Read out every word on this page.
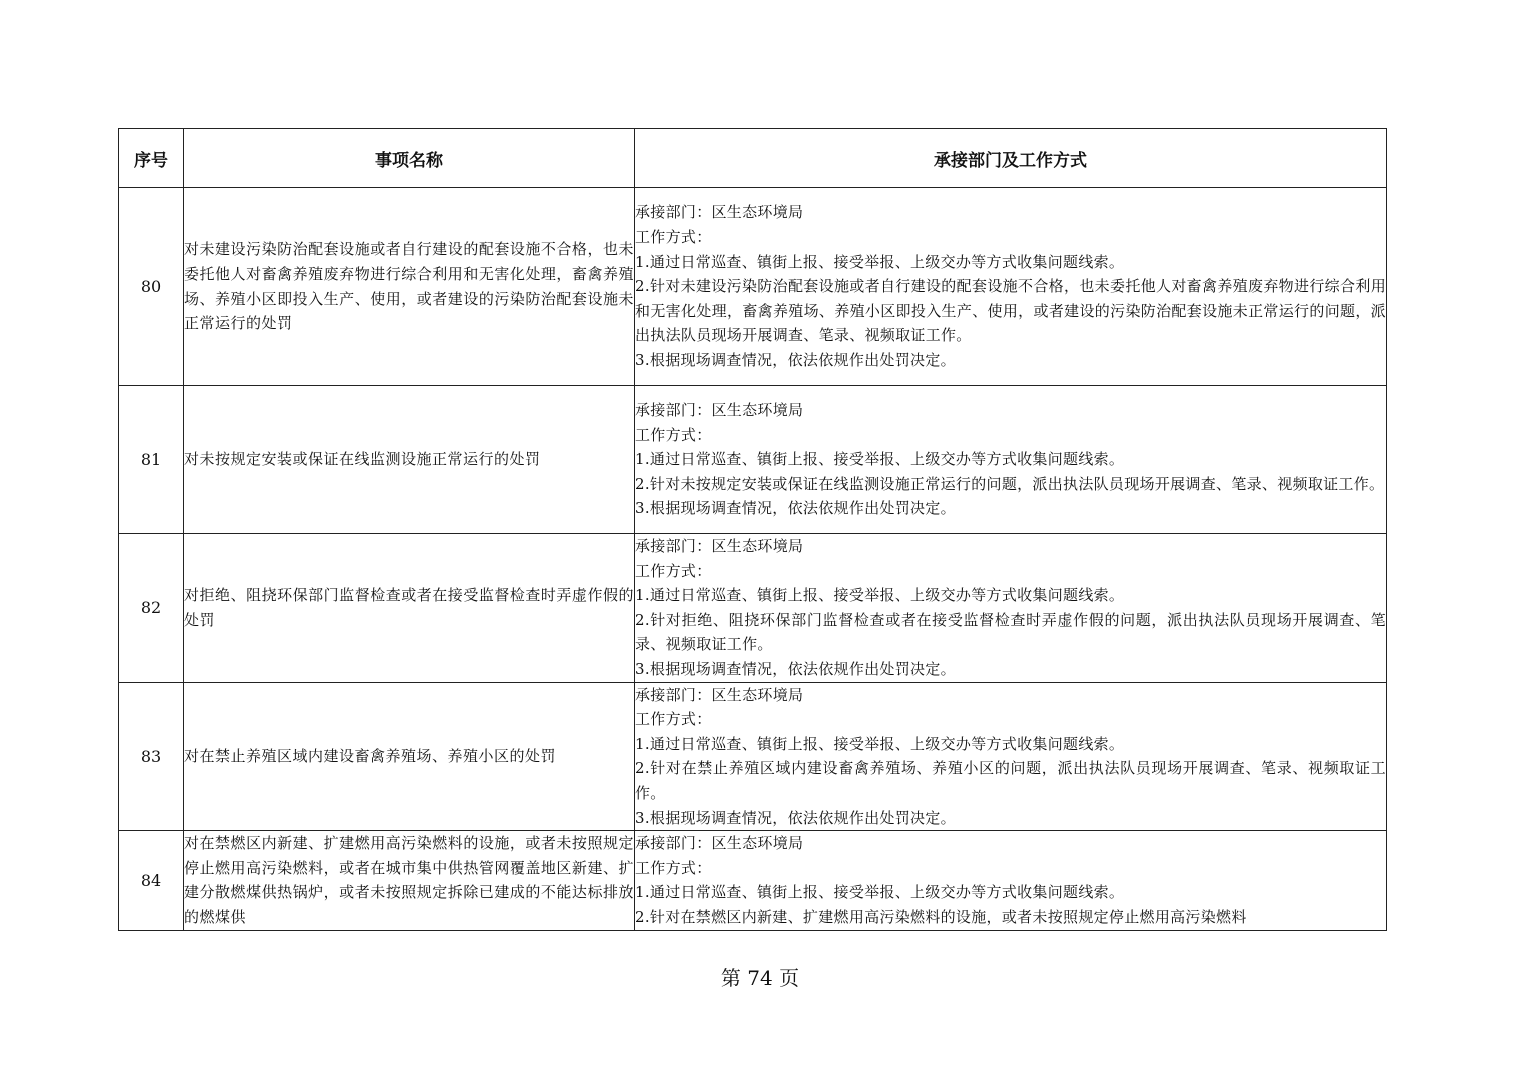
序号	事项名称	承接部门及工作方式
80	对未建设污染防治配套设施或者自行建设的配套设施不合格，也未委托他人对畜禽养殖废弃物进行综合利用和无害化处理，畜禽养殖场、养殖小区即投入生产、使用，或者建设的污染防治配套设施未正常运行的处罚	承接部门：区生态环境局
工作方式：
1.通过日常巡查、镇街上报、接受举报、上级交办等方式收集问题线索。
2.针对未建设污染防治配套设施或者自行建设的配套设施不合格，也未委托他人对畜禽养殖废弃物进行综合利用和无害化处理，畜禽养殖场、养殖小区即投入生产、使用，或者建设的污染防治配套设施未正常运行的问题，派出执法队员现场开展调查、笔录、视频取证工作。
3.根据现场调查情况，依法依规作出处罚决定。

81	对未按规定安装或保证在线监测设施正常运行的处罚	承接部门：区生态环境局
工作方式：
1.通过日常巡查、镇街上报、接受举报、上级交办等方式收集问题线索。
2.针对未按规定安装或保证在线监测设施正常运行的问题，派出执法队员现场开展调查、笔录、视频取证工作。
3.根据现场调查情况，依法依规作出处罚决定。

82	对拒绝、阻挠环保部门监督检查或者在接受监督检查时弄虚作假的处罚	承接部门：区生态环境局
工作方式：
1.通过日常巡查、镇街上报、接受举报、上级交办等方式收集问题线索。
2.针对拒绝、阻挠环保部门监督检查或者在接受监督检查时弄虚作假的问题，派出执法队员现场开展调查、笔录、视频取证工作。
3.根据现场调查情况，依法依规作出处罚决定。

83	对在禁止养殖区域内建设畜禽养殖场、养殖小区的处罚	承接部门：区生态环境局
工作方式：
1.通过日常巡查、镇街上报、接受举报、上级交办等方式收集问题线索。
2.针对在禁止养殖区域内建设畜禽养殖场、养殖小区的问题，派出执法队员现场开展调查、笔录、视频取证工作。
3.根据现场调查情况，依法依规作出处罚决定。

84	对在禁燃区内新建、扩建燃用高污染燃料的设施，或者未按照规定停止燃用高污染燃料，或者在城市集中供热管网覆盖地区新建、扩建分散燃煤供热锅炉，或者未按照规定拆除已建成的不能达标排放的燃煤供	承接部门：区生态环境局
工作方式：
1.通过日常巡查、镇街上报、接受举报、上级交办等方式收集问题线索。
2.针对在禁燃区内新建、扩建燃用高污染燃料的设施，或者未按照规定停止燃用高污染燃料
第 74 页
